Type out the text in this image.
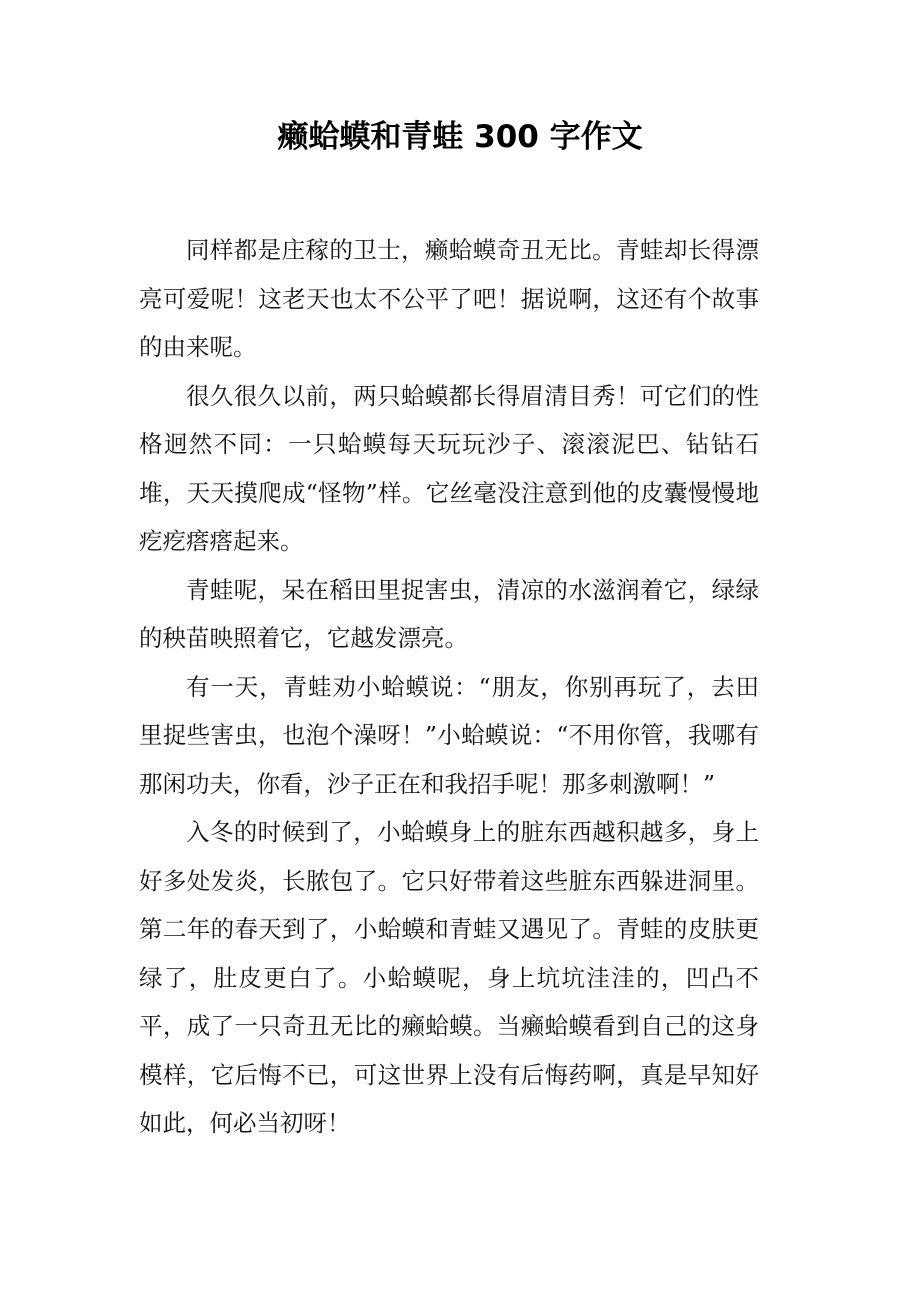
癞蛤蟆和青蛙 300 字作文

同样都是庄稼的卫士，癞蛤蟆奇丑无比。青蛙却长得漂亮可爱呢！这老天也太不公平了吧！据说啊，这还有个故事的由来呢。

很久很久以前，两只蛤蟆都长得眉清目秀！可它们的性格迥然不同：一只蛤蟆每天玩玩沙子、滚滚泥巴、钻钻石堆，天天摸爬成“怪物”样。它丝毫没注意到他的皮囊慢慢地疙疙瘩瘩起来。

青蛙呢，呆在稻田里捉害虫，清凉的水滋润着它，绿绿的秧苗映照着它，它越发漂亮。

有一天，青蛙劝小蛤蟆说：“朋友，你别再玩了，去田里捉些害虫，也泡个澡呀！”小蛤蟆说：“不用你管，我哪有那闲功夫，你看，沙子正在和我招手呢！那多刺激啊！”

入冬的时候到了，小蛤蟆身上的脏东西越积越多，身上好多处发炎，长脓包了。它只好带着这些脏东西躲进洞里。第二年的春天到了，小蛤蟆和青蛙又遇见了。青蛙的皮肤更绿了，肚皮更白了。小蛤蟆呢，身上坑坑洼洼的，凹凸不平，成了一只奇丑无比的癞蛤蟆。当癞蛤蟆看到自己的这身模样，它后悔不已，可这世界上没有后悔药啊，真是早知好如此，何必当初呀！
